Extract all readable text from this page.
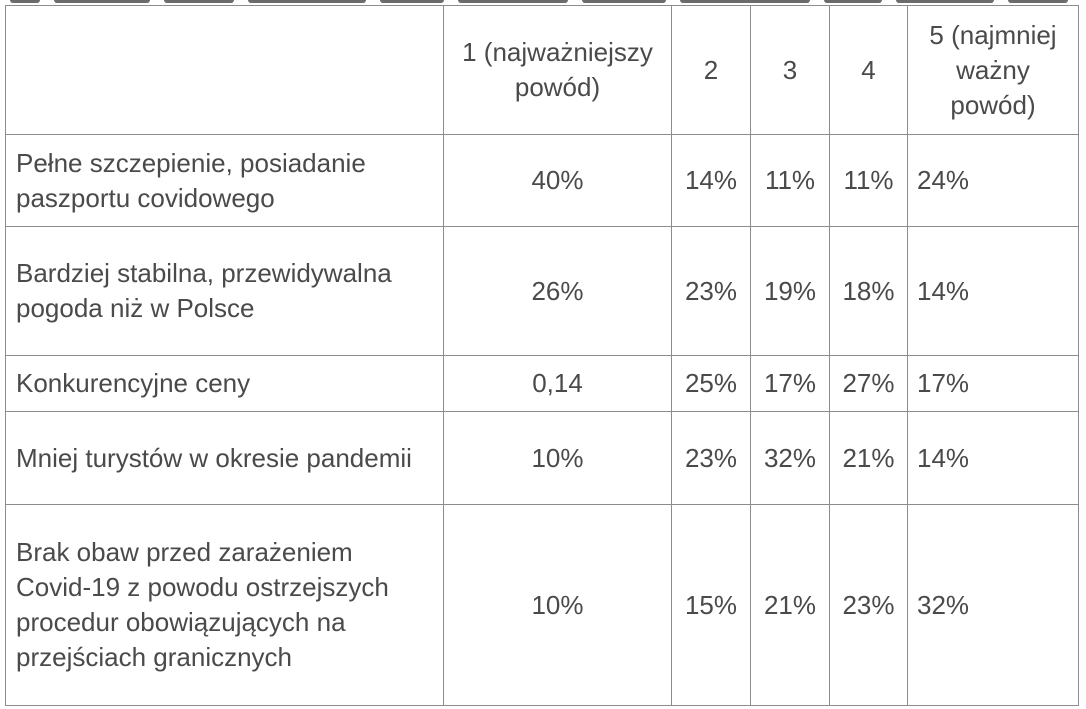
	1 (najważniejszy powód)	2	3	4	5 (najmniej ważny powód)
Pełne szczepienie, posiadanie paszportu covidowego	40%	14%	11%	11%	24%
Bardziej stabilna, przewidywalna pogoda niż w Polsce	26%	23%	19%	18%	14%
Konkurencyjne ceny	0,14	25%	17%	27%	17%
Mniej turystów w okresie pandemii	10%	23%	32%	21%	14%
Brak obaw przed zarażeniem Covid-19 z powodu ostrzejszych procedur obowiązujących na przejściach granicznych	10%	15%	21%	23%	32%
